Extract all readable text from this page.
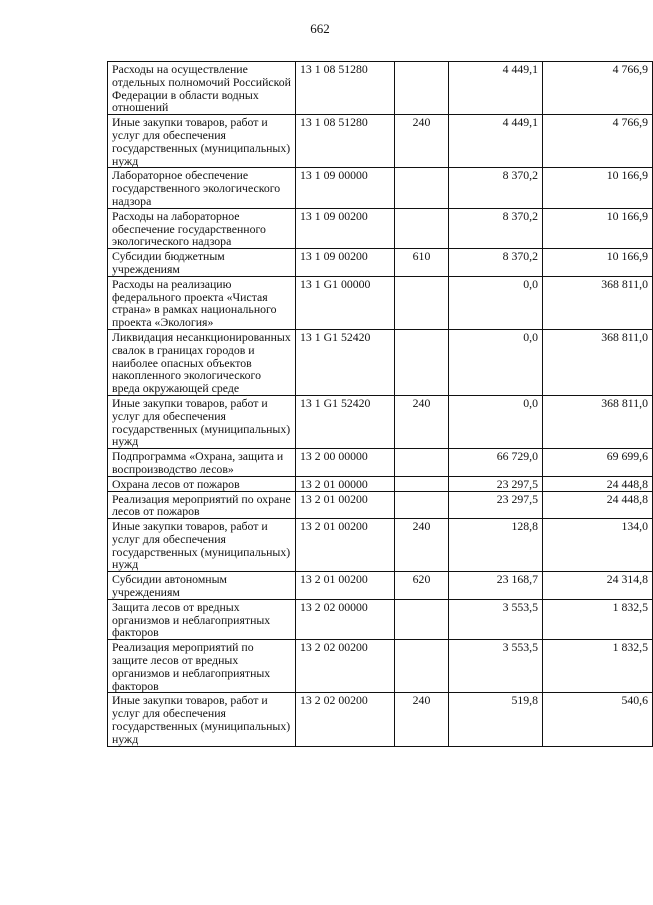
662
Расходы на осуществление отдельных полномочий Российской Федерации в области водных отношений	13 1 08 51280		4 449,1	4 766,9
Иные закупки товаров, работ и услуг для обеспечения государственных (муниципальных) нужд	13 1 08 51280	240	4 449,1	4 766,9
Лабораторное обеспечение государственного экологического надзора	13 1 09 00000		8 370,2	10 166,9
Расходы на лабораторное обеспечение государственного экологического надзора	13 1 09 00200		8 370,2	10 166,9
Субсидии бюджетным учреждениям	13 1 09 00200	610	8 370,2	10 166,9
Расходы на реализацию федерального проекта «Чистая страна» в рамках национального проекта «Экология»	13 1 G1 00000		0,0	368 811,0
Ликвидация несанкционированных свалок в границах городов и наиболее опасных объектов накопленного экологического вреда окружающей среде	13 1 G1 52420		0,0	368 811,0
Иные закупки товаров, работ и услуг для обеспечения государственных (муниципальных) нужд	13 1 G1 52420	240	0,0	368 811,0
Подпрограмма «Охрана, защита и воспроизводство лесов»	13 2 00 00000		66 729,0	69 699,6
Охрана лесов от пожаров	13 2 01 00000		23 297,5	24 448,8
Реализация мероприятий по охране лесов от пожаров	13 2 01 00200		23 297,5	24 448,8
Иные закупки товаров, работ и услуг для обеспечения государственных (муниципальных) нужд	13 2 01 00200	240	128,8	134,0
Субсидии автономным учреждениям	13 2 01 00200	620	23 168,7	24 314,8
Защита лесов от вредных организмов и неблагоприятных факторов	13 2 02 00000		3 553,5	1 832,5
Реализация мероприятий по защите лесов от вредных организмов и неблагоприятных факторов	13 2 02 00200		3 553,5	1 832,5
Иные закупки товаров, работ и услуг для обеспечения государственных (муниципальных) нужд	13 2 02 00200	240	519,8	540,6
